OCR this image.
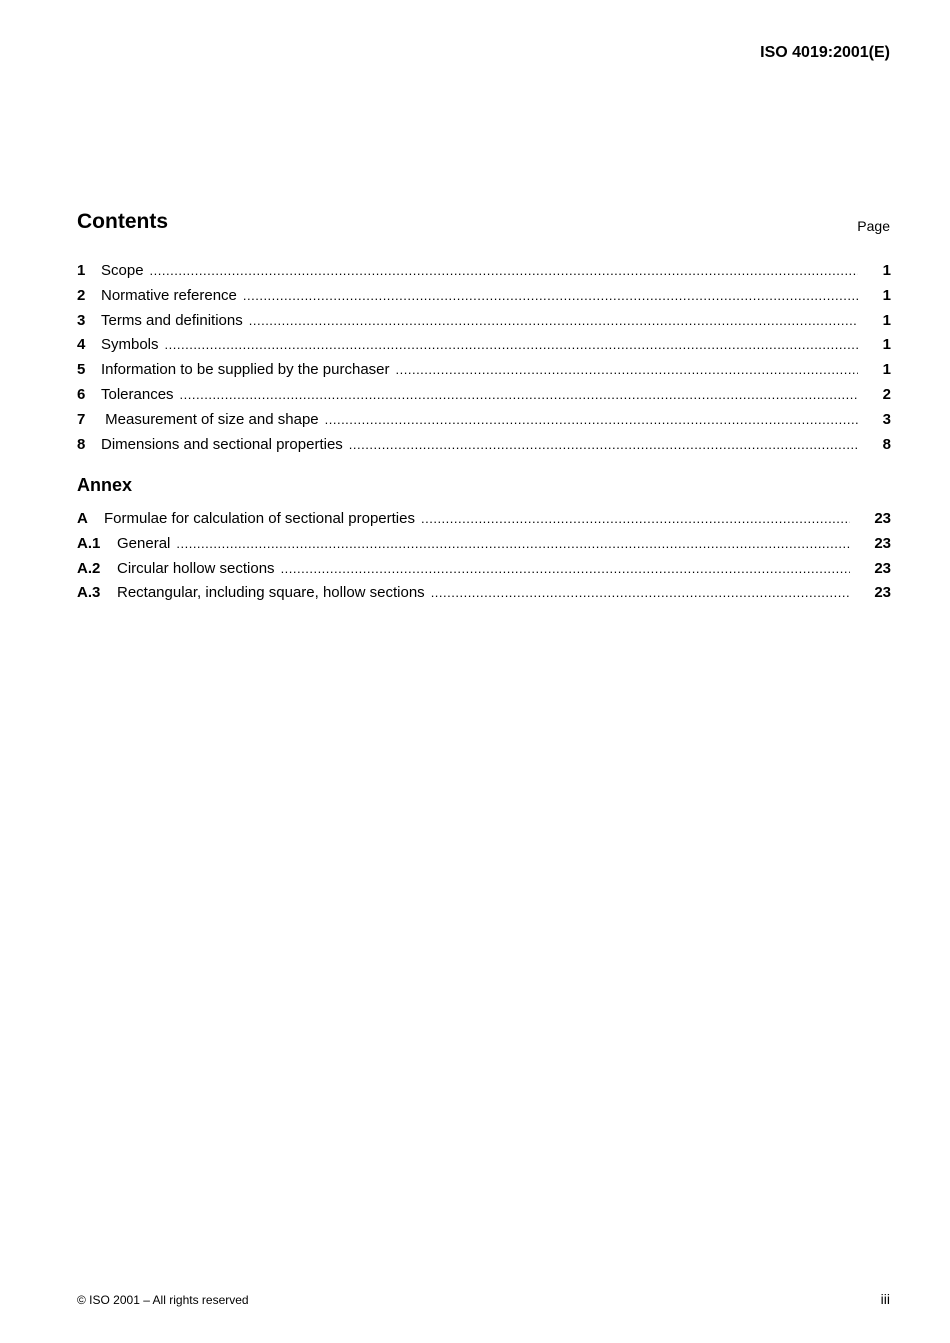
ISO 4019:2001(E)
Contents	Page
1	Scope .....	1
2	Normative reference .....	1
3	Terms and definitions .....	1
4	Symbols .....	1
5	Information to be supplied by the purchaser .....	1
6	Tolerances .....	2
7	Measurement of size and shape .....	3
8	Dimensions and sectional properties .....	8
Annex
A	Formulae for calculation of sectional properties .....	23
A.1	General .....	23
A.2	Circular hollow sections .....	23
A.3	Rectangular, including square, hollow sections .....	23
© ISO 2001 – All rights reserved	iii
